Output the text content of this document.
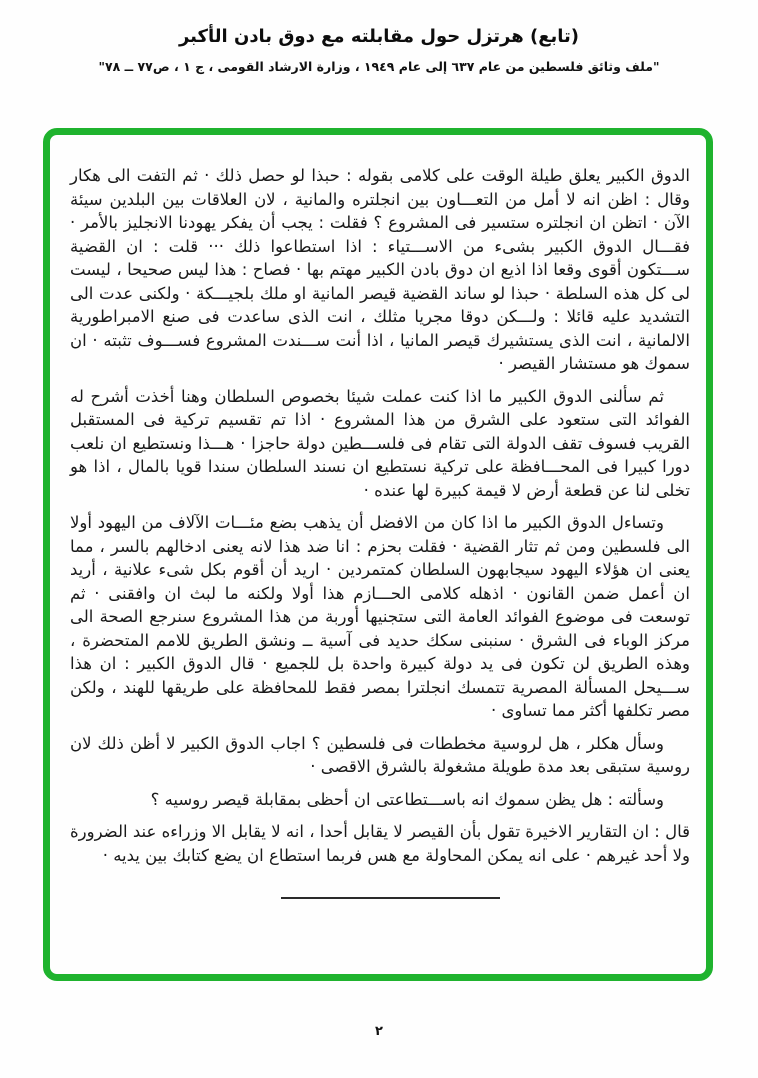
(تابع) هرتزل حول مقابلته مع دوق بادن الأكبر
"ملف وثائق فلسطين من عام ٦٣٧ إلى عام ١٩٤٩ ، وزارة الارشاد القومى ، ج ١ ، ص٧٧ ــ ٧٨"

الدوق الكبير يعلق طيلة الوقت على كلامى بقوله : حبذا لو حصل ذلك · ثم التفت الى هكار وقال : اظن انه لا أمل من التعـــاون بين انجلتره والمانية ، لان العلاقات بين البلدين سيئة الآن · اتظن ان انجلتره ستسير فى المشروع ؟ فقلت : يجب أن يفكر يهودنا الانجليز بالأمر · فقـــال الدوق الكبير بشىء من الاســـتياء : اذا استطاعوا ذلك ··· قلت : ان القضية ســـتكون أقوى وقعا اذا اذيع ان دوق بادن الكبير مهتم بها · فصاح : هذا ليس صحيحا ، ليست لى كل هذه السلطة · حبذا لو ساند القضية قيصر المانية او ملك بلجيـــكة · ولكنى عدت الى التشديد عليه قائلا : ولـــكن دوقا مجريا مثلك ، انت الذى ساعدت فى صنع الامبراطورية الالمانية ، انت الذى يستشيرك قيصر المانيا ، اذا أنت ســـندت المشروع فســـوف تثبته · ان سموك هو مستشار القيصر ·

ثم سألنى الدوق الكبير ما اذا كنت عملت شيئا بخصوص السلطان وهنا أخذت أشرح له الفوائد التى ستعود على الشرق من هذا المشروع · اذا تم تقسيم تركية فى المستقبل القريب فسوف تقف الدولة التى تقام فى فلســـطين دولة حاجزا · هـــذا ونستطيع ان نلعب دورا كبيرا فى المحـــافظة على تركية نستطيع ان نسند السلطان سندا قويا بالمال ، اذا هو تخلى لنا عن قطعة أرض لا قيمة كبيرة لها عنده ·

وتساءل الدوق الكبير ما اذا كان من الافضل أن يذهب بضع مئـــات الآلاف من اليهود أولا الى فلسطين ومن ثم تثار القضية · فقلت بحزم : انا ضد هذا لانه يعنى ادخالهم بالسر ، مما يعنى ان هؤلاء اليهود سيجابهون السلطان كمتمردين · اريد أن أقوم بكل شىء علانية ، أريد ان أعمل ضمن القانون · اذهله كلامى الحـــازم هذا أولا ولكنه ما لبث ان وافقنى · ثم توسعت فى موضوع الفوائد العامة التى ستجنيها أوربة من هذا المشروع سنرجع الصحة الى مركز الوباء فى الشرق · سنبنى سكك حديد فى آسية ــ ونشق الطريق للامم المتحضرة ، وهذه الطريق لن تكون فى يد دولة كبيرة واحدة بل للجميع · قال الدوق الكبير : ان هذا ســـيحل المسألة المصرية تتمسك انجلترا بمصر فقط للمحافظة على طريقها للهند ، ولكن مصر تكلفها أكثر مما تساوى ·

وسأل هكلر ، هل لروسية مخططات فى فلسطين ؟ اجاب الدوق الكبير لا أظن ذلك لان روسية ستبقى بعد مدة طويلة مشغولة بالشرق الاقصى ·

وسألته : هل يظن سموك انه باســـتطاعتى ان أحظى بمقابلة قيصر روسيه ؟

قال : ان التقارير الاخيرة تقول بأن القيصر لا يقابل أحدا ، انه لا يقابل الا وزراءه عند الضرورة ولا أحد غيرهم · على انه يمكن المحاولة مع هس فربما استطاع ان يضع كتابك بين يديه ·

٢
